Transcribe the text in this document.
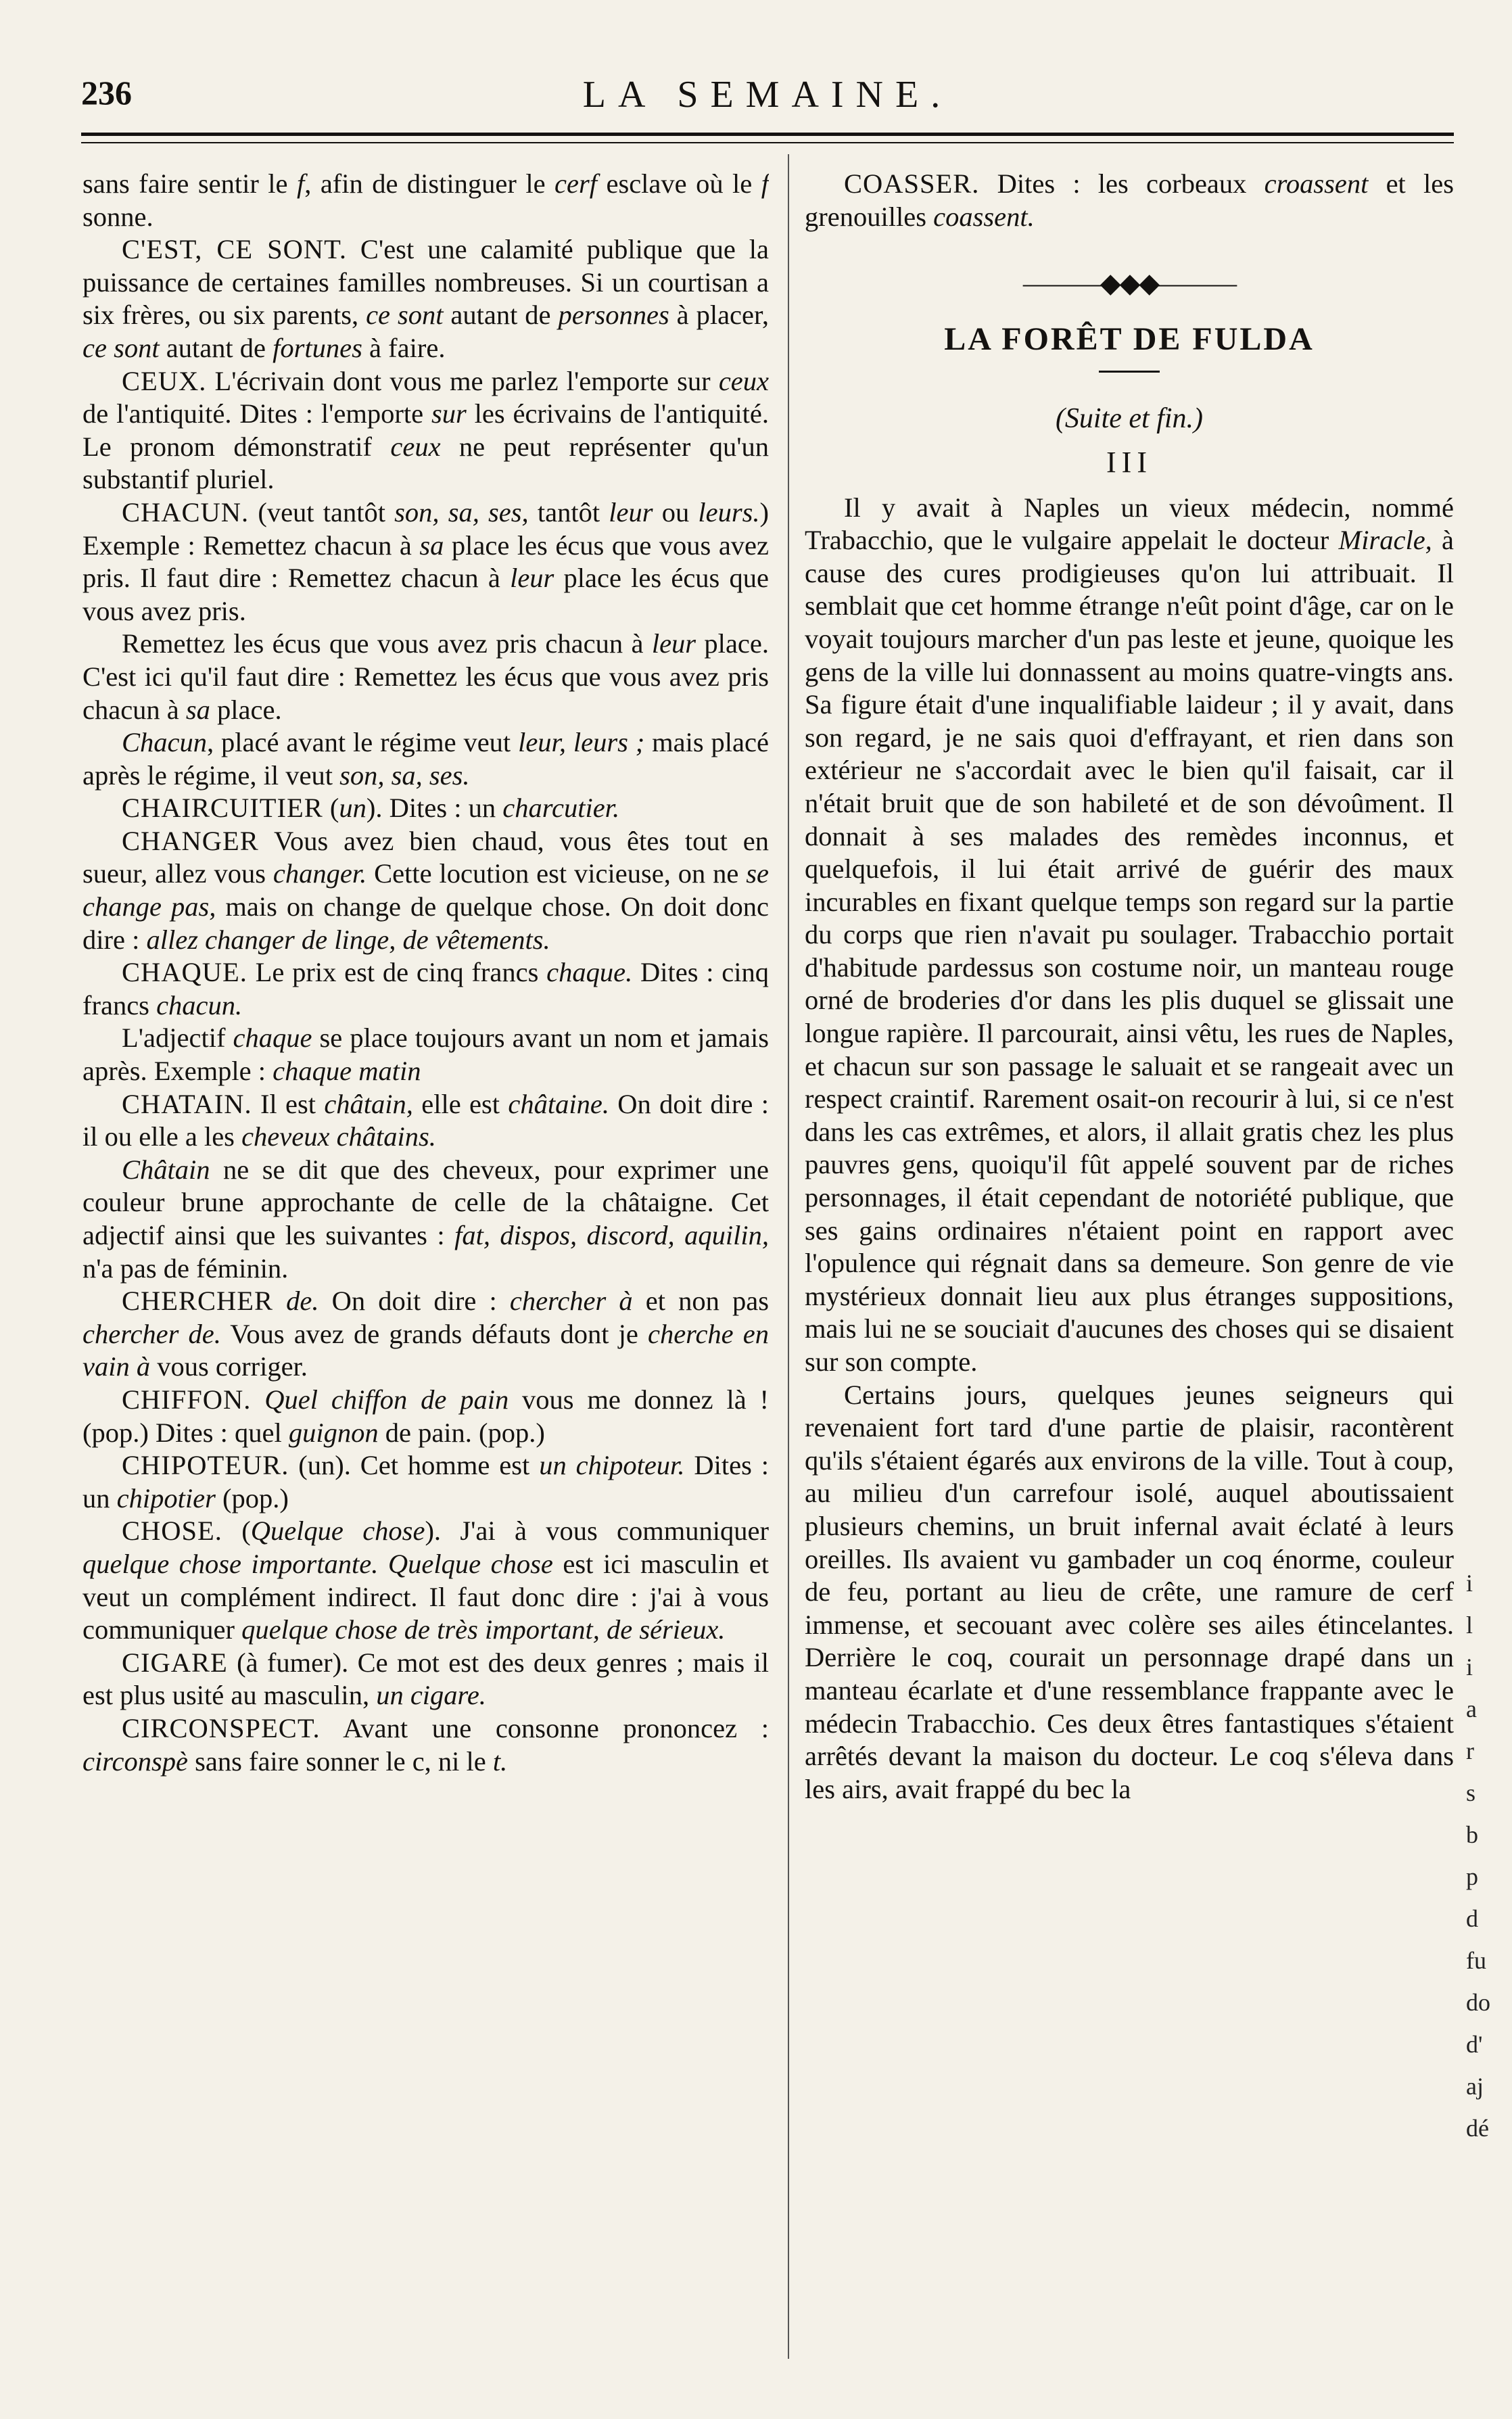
236	LA SEMAINE.

sans faire sentir le f, afin de distinguer le cerf esclave où le f sonne.

C'EST, CE SONT. C'est une calamité publique que la puissance de certaines familles nombreuses. Si un courtisan a six frères, ou six parents, ce sont autant de personnes à placer, ce sont autant de fortunes à faire.

CEUX. L'écrivain dont vous me parlez l'emporte sur ceux de l'antiquité. Dites : l'emporte sur les écrivains de l'antiquité. Le pronom démonstratif ceux ne peut représenter qu'un substantif pluriel.

CHACUN. (veut tantôt son, sa, ses, tantôt leur ou leurs.) Exemple : Remettez chacun à sa place les écus que vous avez pris. Il faut dire : Remettez chacun à leur place les écus que vous avez pris.

Remettez les écus que vous avez pris chacun à leur place. C'est ici qu'il faut dire : Remettez les écus que vous avez pris chacun à sa place.

Chacun, placé avant le régime veut leur, leurs ; mais placé après le régime, il veut son, sa, ses.

CHAIRCUITIER (un). Dites : un charcutier.

CHANGER Vous avez bien chaud, vous êtes tout en sueur, allez vous changer. Cette locution est vicieuse, on ne se change pas, mais on change de quelque chose. On doit donc dire : allez changer de linge, de vêtements.

CHAQUE. Le prix est de cinq francs chaque. Dites : cinq francs chacun.

L'adjectif chaque se place toujours avant un nom et jamais après. Exemple : chaque matin

CHATAIN. Il est châtain, elle est châtaine. On doit dire : il ou elle a les cheveux châtains.

Châtain ne se dit que des cheveux, pour exprimer une couleur brune approchante de celle de la châtaigne. Cet adjectif ainsi que les suivantes : fat, dispos, discord, aquilin, n'a pas de féminin.

CHERCHER de. On doit dire : chercher à et non pas chercher de. Vous avez de grands défauts dont je cherche en vain à vous corriger.

CHIFFON. Quel chiffon de pain vous me donnez là ! (pop.) Dites : quel guignon de pain. (pop.)

CHIPOTEUR. (un). Cet homme est un chipoteur. Dites : un chipotier (pop.)

CHOSE. (Quelque chose). J'ai à vous communiquer quelque chose importante. Quelque chose est ici masculin et veut un complément indirect. Il faut donc dire : j'ai à vous communiquer quelque chose de très important, de sérieux.

CIGARE (à fumer). Ce mot est des deux genres ; mais il est plus usité au masculin, un cigare.

CIRCONSPECT. Avant une consonne prononcez : circonspè sans faire sonner le c, ni le t.

COASSER. Dites : les corbeaux croassent et les grenouilles coassent.

———◆◆◆———
LA FORÊT DE FULDA
(Suite et fin.)
III

Il y avait à Naples un vieux médecin, nommé Trabacchio, que le vulgaire appelait le docteur Miracle, à cause des cures prodigieuses qu'on lui attribuait. Il semblait que cet homme étrange n'eût point d'âge, car on le voyait toujours marcher d'un pas leste et jeune, quoique les gens de la ville lui donnassent au moins quatre-vingts ans. Sa figure était d'une inqualifiable laideur ; il y avait, dans son regard, je ne sais quoi d'effrayant, et rien dans son extérieur ne s'accordait avec le bien qu'il faisait, car il n'était bruit que de son habileté et de son dévoûment. Il donnait à ses malades des remèdes inconnus, et quelquefois, il lui était arrivé de guérir des maux incurables en fixant quelque temps son regard sur la partie du corps que rien n'avait pu soulager. Trabacchio portait d'habitude pardessus son costume noir, un manteau rouge orné de broderies d'or dans les plis duquel se glissait une longue rapière. Il parcourait, ainsi vêtu, les rues de Naples, et chacun sur son passage le saluait et se rangeait avec un respect craintif. Rarement osait-on recourir à lui, si ce n'est dans les cas extrêmes, et alors, il allait gratis chez les plus pauvres gens, quoiqu'il fût appelé souvent par de riches personnages, il était cependant de notoriété publique, que ses gains ordinaires n'étaient point en rapport avec l'opulence qui régnait dans sa demeure. Son genre de vie mystérieux donnait lieu aux plus étranges suppositions, mais lui ne se souciait d'aucunes des choses qui se disaient sur son compte.

Certains jours, quelques jeunes seigneurs qui revenaient fort tard d'une partie de plaisir, racontèrent qu'ils s'étaient égarés aux environs de la ville. Tout à coup, au milieu d'un carrefour isolé, auquel aboutissaient plusieurs chemins, un bruit infernal avait éclaté à leurs oreilles. Ils avaient vu gambader un coq énorme, couleur de feu, portant au lieu de crête, une ramure de cerf immense, et secouant avec colère ses ailes étincelantes. Derrière le coq, courait un personnage drapé dans un manteau écarlate et d'une ressemblance frappante avec le médecin Trabacchio. Ces deux êtres fantastiques s'étaient arrêtés devant la maison du docteur. Le coq s'éleva dans les airs, avait frappé du bec la

i
l
i
a
r
s
b
p
d
fu
do
d'
aj
dé
